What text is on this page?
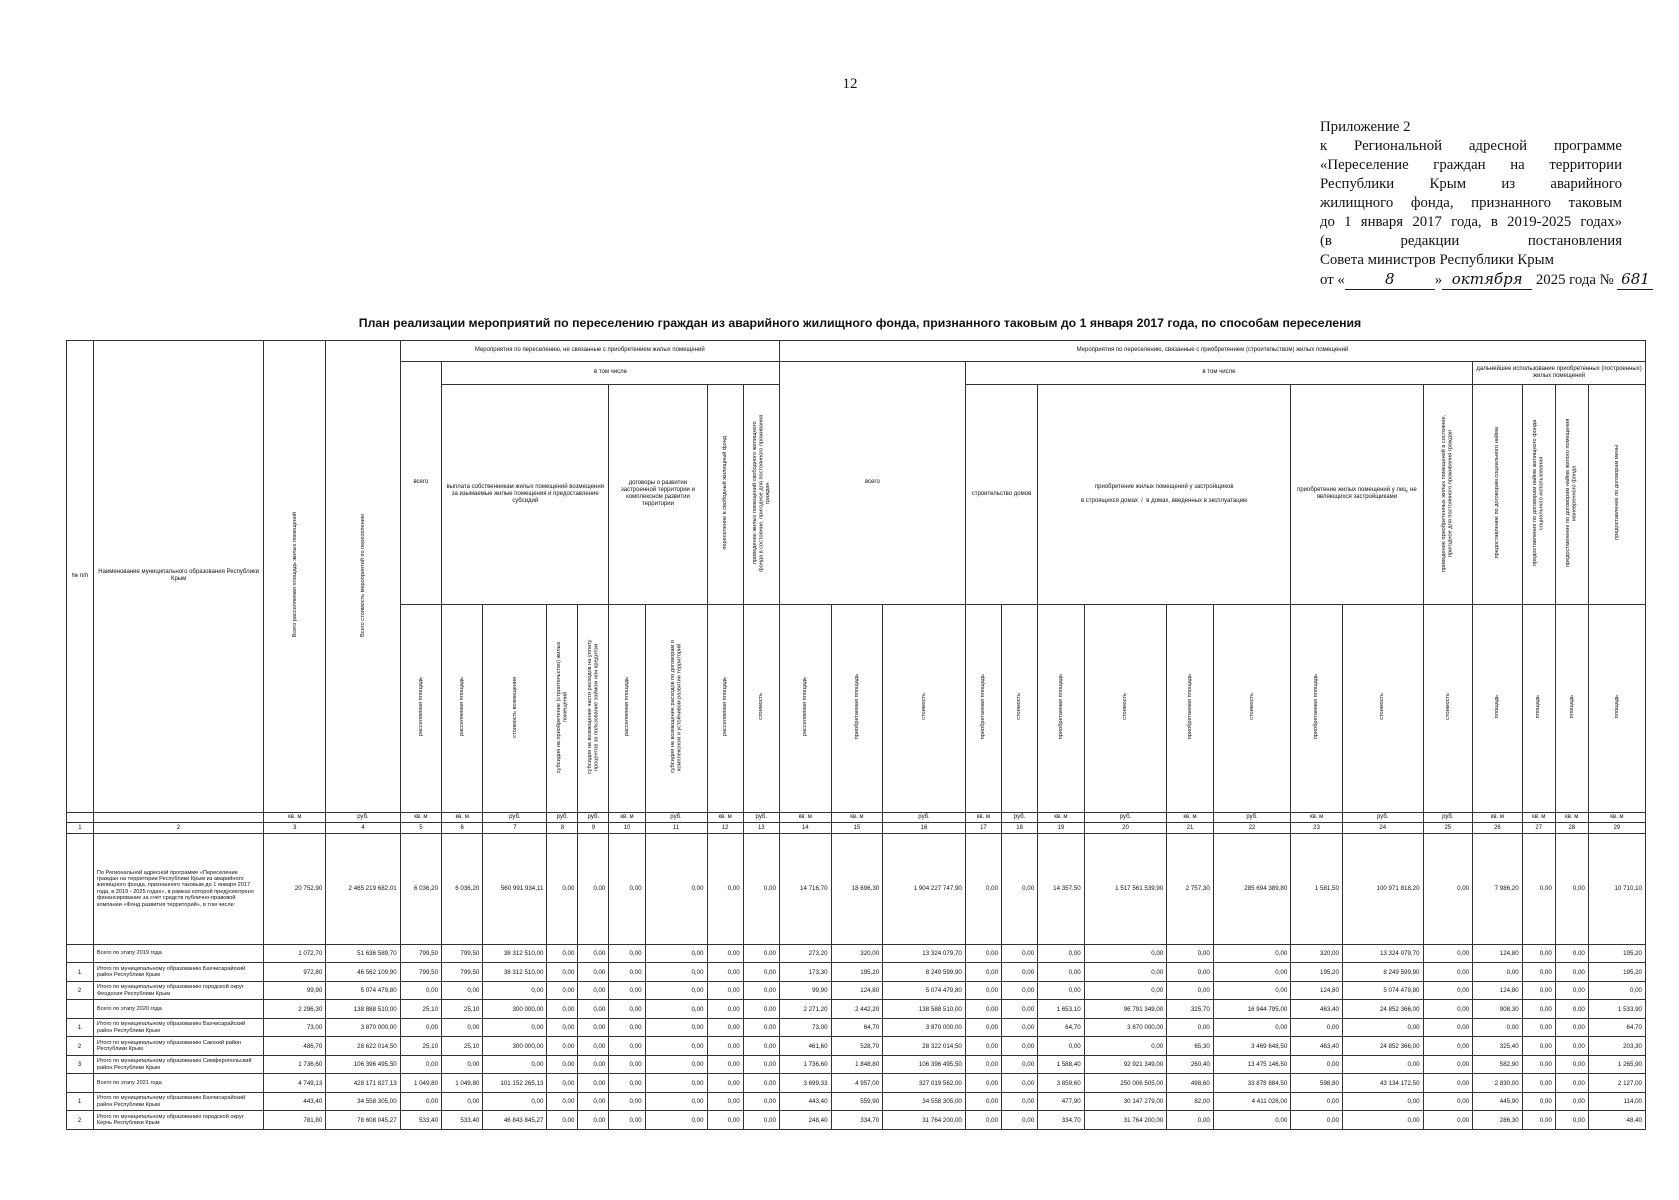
12
Приложение 2
к Региональной адресной программе
«Переселение граждан на территории
Республики Крым из аварийного
жилищного фонда, признанного таковым
до 1 января 2017 года, в 2019-2025 годах»
(в редакции постановления
Совета министров Республики Крым
от «	8	» октября 2025 года № 681
План реализации мероприятий по переселению граждан из аварийного жилищного фонда, признанного таковым до 1 января 2017 года, по способам переселения
№ п/п	Наименование муниципального образования Республики Крым	Всего расселяемая площадь жилых помещений	Всего стоимость мероприятий по переселению	Мероприятия по переселению, не связанные с приобретением жилых помещений									Мероприятия по переселению, связанные с приобретением (строительством) жилых помещений															
				всего	в том числе								всего			в том числе									дальнейшее использование приобретенных (построенных) жилых помещений			
					выплата собственникам жилых помещений возмещения за изымаемые жилые помещения и предоставление субсидий				договоры о развитии застроенной территории и комплексном развитии территории		переселение в свободный жилищный фонд	приведение жилых помещений свободного жилищного фонда в состояние, пригодное для постоянного проживания граждан				строительство домов		приобретение жилых помещений у застройщиков

в строящихся домах  /  в домах, введенных в эксплуатацию				приобретение жилых помещений у лиц, не являющихся застройщиками		приведение приобретенных жилых помещений в состояние, пригодное для постоянного проживания граждан	предоставление по договорам социального найма	предоставление по договорам найма жилищного фонда социального использования	предоставление по договорам найма жилого помещения маневренного фонда	предоставление по договорам мены
				расселяемая площадь	расселяемая площадь	стоимость возмещения	субсидия на приобретение (строительство) жилых помещений	субсидия на возмещение части расходов на уплату процентов за пользование займом или кредитом	расселяемая площадь	субсидия на возмещение расходов по договорам о комплексном и устойчивом развитии территорий	расселяемая площадь	стоимость	расселяемая площадь	приобретаемая площадь	стоимость	приобретаемая площадь	стоимость	приобретаемая площадь	стоимость	приобретаемая площадь	стоимость	приобретаемая площадь	стоимость	стоимость	площадь	площадь	площадь	площадь
		кв. м	руб.	кв. м	кв. м	руб.	руб.	руб.	кв. м	руб.	кв. м	руб.	кв. м	кв. м	руб.	кв. м	руб.	кв. м	руб.	кв. м	руб.	кв. м	руб.	руб.	кв. м	кв. м	кв. м	кв. м
1	2	3	4	5	6	7	8	9	10	11	12	13	14	15	16	17	18	19	20	21	22	23	24	25	26	27	28	29
	По Региональной адресной программе «Переселение граждан на территории Республики Крым из аварийного жилищного фонда, признанного таковым до 1 января 2017 года, в 2019 - 2025 годах», в рамках которой предусмотрено финансирование за счет средств публично-правовой компании «Фонд развития территорий», в том числе:	20 752,90	2 465 219 682,01	6 036,20	6 036,20	560 991 934,11	0,00	0,00	0,00	0,00	0,00	0,00	14 716,70	18 696,30	1 904 227 747,90	0,00	0,00	14 357,50	1 517 561 539,90	2 757,30	285 694 389,80	1 581,50	100 971 818,20	0,00	7 986,20	0,00	0,00	10 710,10
	Всего по этапу 2019 года	1 072,70	51 636 589,70	799,50	799,50	38 312 510,00	0,00	0,00	0,00	0,00	0,00	0,00	273,20	320,00	13 324 079,70	0,00	0,00	0,00	0,00	0,00	0,00	320,00	13 324 079,70	0,00	124,80	0,00	0,00	195,20
1	Итого по муниципальному образованию Бахчисарайский район Республики Крым	972,80	46 562 109,90	799,50	799,50	38 312 510,00	0,00	0,00	0,00	0,00	0,00	0,00	173,30	195,20	8 249 599,90	0,00	0,00	0,00	0,00	0,00	0,00	195,20	8 249 599,90	0,00	0,00	0,00	0,00	195,20
2	Итого по муниципальному образованию городской округ Феодосия Республики Крым	99,90	5 074 479,80	0,00	0,00	0,00	0,00	0,00	0,00	0,00	0,00	0,00	99,90	124,80	5 074 479,80	0,00	0,00	0,00	0,00	0,00	0,00	124,80	5 074 479,80	0,00	124,80	0,00	0,00	0,00
	Всего по этапу 2020 года	2 296,30	138 888 510,00	25,10	25,10	300 000,00	0,00	0,00	0,00	0,00	0,00	0,00	2 271,20	2 442,20	138 588 510,00	0,00	0,00	1 653,10	96 791 349,00	325,70	16 944 795,00	463,40	24 852 366,00	0,00	908,30	0,00	0,00	1 533,90
1	Итого по муниципальному образованию Бахчисарайский район Республики Крым	73,00	3 870 000,00	0,00	0,00	0,00	0,00	0,00	0,00	0,00	0,00	0,00	73,00	64,70	3 870 000,00	0,00	0,00	64,70	3 870 000,00	0,00	0,00	0,00	0,00	0,00	0,00	0,00	0,00	64,70
2	Итого по муниципальному образованию Сакский район Республики Крым	486,70	28 622 014,50	25,10	25,10	300 000,00	0,00	0,00	0,00	0,00	0,00	0,00	461,60	528,70	28 322 014,50	0,00	0,00	0,00	0,00	65,30	3 469 648,50	463,40	24 852 366,00	0,00	325,40	0,00	0,00	203,30
3	Итого по муниципальному образованию Симферопольский район Республики Крым	1 736,60	106 396 495,50	0,00	0,00	0,00	0,00	0,00	0,00	0,00	0,00	0,00	1 736,60	1 848,80	106 396 495,50	0,00	0,00	1 588,40	92 921 349,00	260,40	13 475 146,50	0,00	0,00	0,00	582,90	0,00	0,00	1 265,90
	Всего по этапу 2021 года	4 749,13	428 171 827,13	1 049,80	1 049,80	101 152 265,13	0,00	0,00	0,00	0,00	0,00	0,00	3 699,33	4 957,00	327 019 562,00	0,00	0,00	3 859,60	250 006 505,00	498,60	33 878 884,50	598,80	43 134 172,50	0,00	2 830,00	0,00	0,00	2 127,00
1	Итого по муниципальному образованию Бахчисарайский район Республики Крым	443,40	34 558 305,00	0,00	0,00	0,00	0,00	0,00	0,00	0,00	0,00	0,00	443,40	559,90	34 558 305,00	0,00	0,00	477,90	30 147 279,00	82,00	4 411 026,00	0,00	0,00	0,00	445,90	0,00	0,00	114,00
2	Итого по муниципальному образованию городской округ Керчь Республики Крым	781,80	78 608 045,27	533,40	533,40	46 843 845,27	0,00	0,00	0,00	0,00	0,00	0,00	248,40	334,70	31 764 200,00	0,00	0,00	334,70	31 764 200,00	0,00	0,00	0,00	0,00	0,00	286,30	0,00	0,00	48,40
